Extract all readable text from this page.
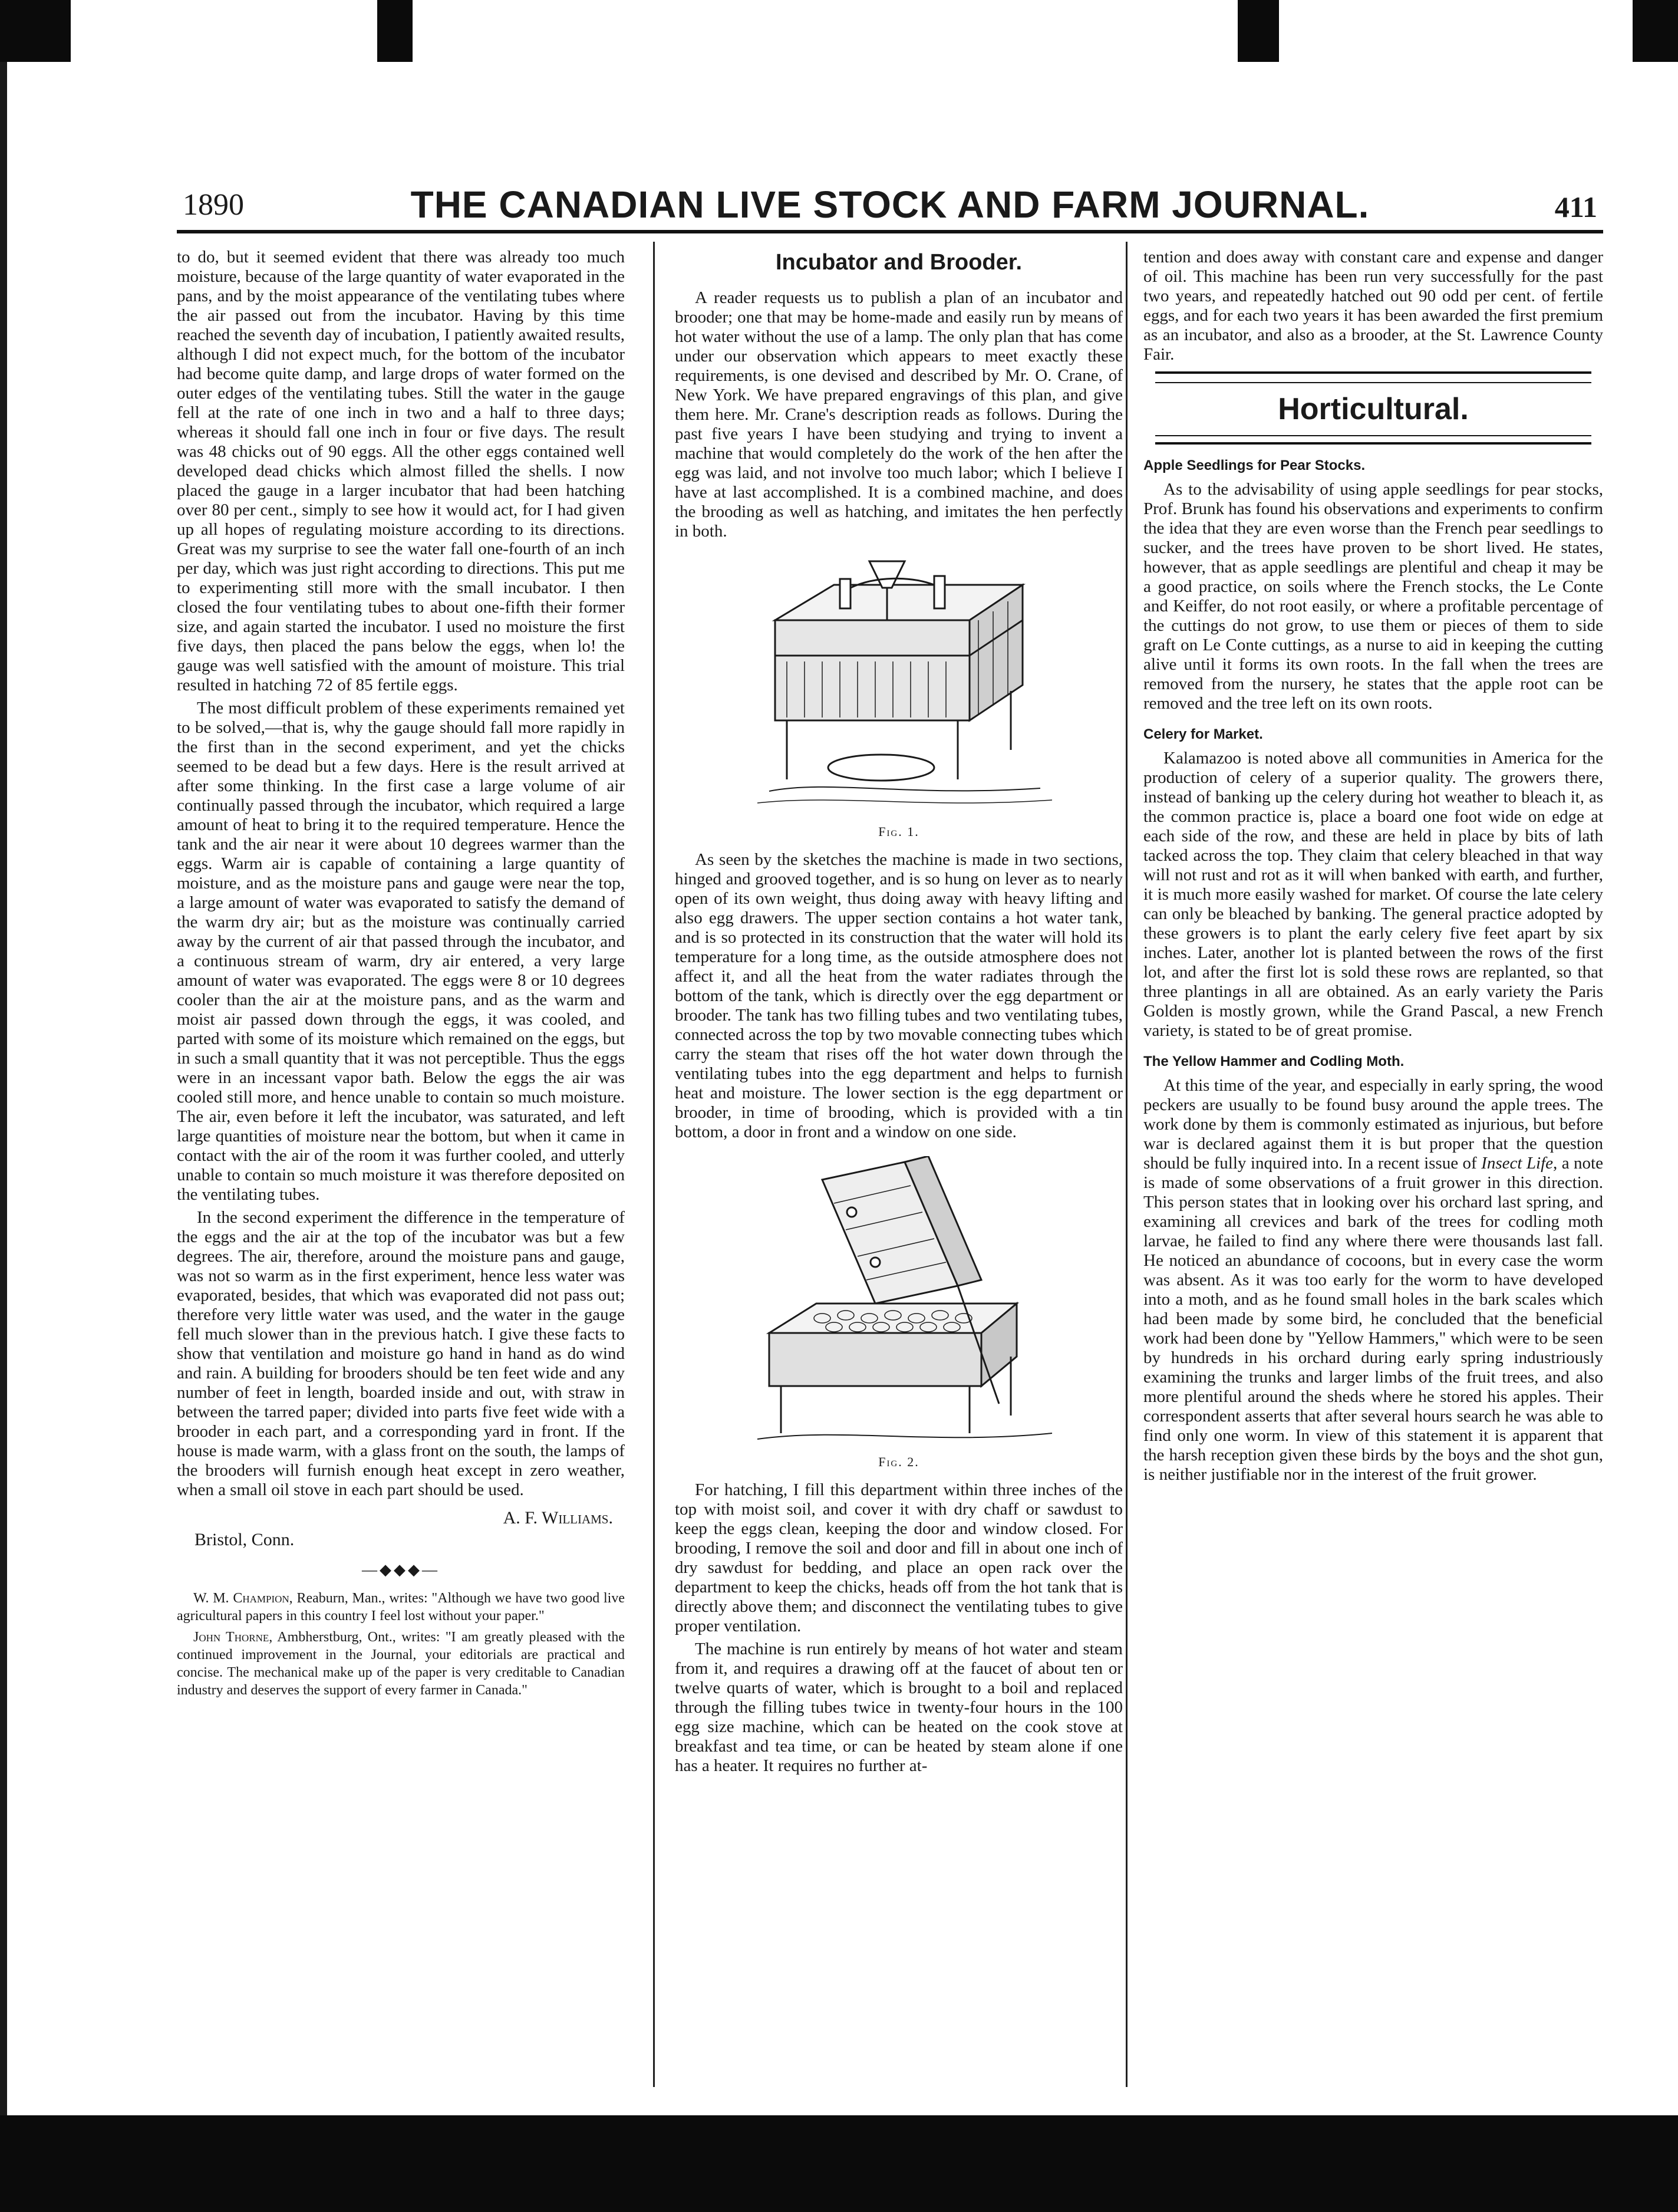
1890	THE CANADIAN LIVE STOCK AND FARM JOURNAL.	411

to do, but it seemed evident that there was already too much moisture, because of the large quantity of water evaporated in the pans, and by the moist appearance of the ventilating tubes where the air passed out from the incubator. Having by this time reached the seventh day of incubation, I patiently awaited results, although I did not expect much, for the bottom of the incubator had become quite damp, and large drops of water formed on the outer edges of the ventilating tubes. Still the water in the gauge fell at the rate of one inch in two and a half to three days; whereas it should fall one inch in four or five days. The result was 48 chicks out of 90 eggs. All the other eggs contained well developed dead chicks which almost filled the shells. I now placed the gauge in a larger incubator that had been hatching over 80 per cent., simply to see how it would act, for I had given up all hopes of regulating moisture according to its directions. Great was my surprise to see the water fall one-fourth of an inch per day, which was just right according to directions. This put me to experimenting still more with the small incubator. I then closed the four ventilating tubes to about one-fifth their former size, and again started the incubator. I used no moisture the first five days, then placed the pans below the eggs, when lo! the gauge was well satisfied with the amount of moisture. This trial resulted in hatching 72 of 85 fertile eggs.

The most difficult problem of these experiments remained yet to be solved,—that is, why the gauge should fall more rapidly in the first than in the second experiment, and yet the chicks seemed to be dead but a few days. Here is the result arrived at after some thinking. In the first case a large volume of air continually passed through the incubator, which required a large amount of heat to bring it to the required temperature. Hence the tank and the air near it were about 10 degrees warmer than the eggs. Warm air is capable of containing a large quantity of moisture, and as the moisture pans and gauge were near the top, a large amount of water was evaporated to satisfy the demand of the warm dry air; but as the moisture was continually carried away by the current of air that passed through the incubator, and a continuous stream of warm, dry air entered, a very large amount of water was evaporated. The eggs were 8 or 10 degrees cooler than the air at the moisture pans, and as the warm and moist air passed down through the eggs, it was cooled, and parted with some of its moisture which remained on the eggs, but in such a small quantity that it was not perceptible. Thus the eggs were in an incessant vapor bath. Below the eggs the air was cooled still more, and hence unable to contain so much moisture. The air, even before it left the incubator, was saturated, and left large quantities of moisture near the bottom, but when it came in contact with the air of the room it was further cooled, and utterly unable to contain so much moisture it was therefore deposited on the ventilating tubes.

In the second experiment the difference in the temperature of the eggs and the air at the top of the incubator was but a few degrees. The air, therefore, around the moisture pans and gauge, was not so warm as in the first experiment, hence less water was evaporated, besides, that which was evaporated did not pass out; therefore very little water was used, and the water in the gauge fell much slower than in the previous hatch. I give these facts to show that ventilation and moisture go hand in hand as do wind and rain. A building for brooders should be ten feet wide and any number of feet in length, boarded inside and out, with straw in between the tarred paper; divided into parts five feet wide with a brooder in each part, and a corresponding yard in front. If the house is made warm, with a glass front on the south, the lamps of the brooders will furnish enough heat except in zero weather, when a small oil stove in each part should be used.

A. F. Williams.

Bristol, Conn.

—◆◆◆—

W. M. Champion, Reaburn, Man., writes: "Although we have two good live agricultural papers in this country I feel lost without your paper."

John Thorne, Ambherstburg, Ont., writes: "I am greatly pleased with the continued improvement in the Journal, your editorials are practical and concise. The mechanical make up of the paper is very creditable to Canadian industry and deserves the support of every farmer in Canada."

Incubator and Brooder.

A reader requests us to publish a plan of an incubator and brooder; one that may be home-made and easily run by means of hot water without the use of a lamp. The only plan that has come under our observation which appears to meet exactly these requirements, is one devised and described by Mr. O. Crane, of New York. We have prepared engravings of this plan, and give them here. Mr. Crane's description reads as follows. During the past five years I have been studying and trying to invent a machine that would completely do the work of the hen after the egg was laid, and not involve too much labor; which I believe I have at last accomplished. It is a combined machine, and does the brooding as well as hatching, and imitates the hen perfectly in both.

Fig. 1.

As seen by the sketches the machine is made in two sections, hinged and grooved together, and is so hung on lever as to nearly open of its own weight, thus doing away with heavy lifting and also egg drawers. The upper section contains a hot water tank, and is so protected in its construction that the water will hold its temperature for a long time, as the outside atmosphere does not affect it, and all the heat from the water radiates through the bottom of the tank, which is directly over the egg department or brooder. The tank has two filling tubes and two ventilating tubes, connected across the top by two movable connecting tubes which carry the steam that rises off the hot water down through the ventilating tubes into the egg department and helps to furnish heat and moisture. The lower section is the egg department or brooder, in time of brooding, which is provided with a tin bottom, a door in front and a window on one side.

Fig. 2.

For hatching, I fill this department within three inches of the top with moist soil, and cover it with dry chaff or sawdust to keep the eggs clean, keeping the door and window closed. For brooding, I remove the soil and door and fill in about one inch of dry sawdust for bedding, and place an open rack over the department to keep the chicks, heads off from the hot tank that is directly above them; and disconnect the ventilating tubes to give proper ventilation.

The machine is run entirely by means of hot water and steam from it, and requires a drawing off at the faucet of about ten or twelve quarts of water, which is brought to a boil and replaced through the filling tubes twice in twenty-four hours in the 100 egg size machine, which can be heated on the cook stove at breakfast and tea time, or can be heated by steam alone if one has a heater. It requires no further at-

tention and does away with constant care and expense and danger of oil. This machine has been run very successfully for the past two years, and repeatedly hatched out 90 odd per cent. of fertile eggs, and for each two years it has been awarded the first premium as an incubator, and also as a brooder, at the St. Lawrence County Fair.

Horticultural.
Apple Seedlings for Pear Stocks.

As to the advisability of using apple seedlings for pear stocks, Prof. Brunk has found his observations and experiments to confirm the idea that they are even worse than the French pear seedlings to sucker, and the trees have proven to be short lived. He states, however, that as apple seedlings are plentiful and cheap it may be a good practice, on soils where the French stocks, the Le Conte and Keiffer, do not root easily, or where a profitable percentage of the cuttings do not grow, to use them or pieces of them to side graft on Le Conte cuttings, as a nurse to aid in keeping the cutting alive until it forms its own roots. In the fall when the trees are removed from the nursery, he states that the apple root can be removed and the tree left on its own roots.

Celery for Market.

Kalamazoo is noted above all communities in America for the production of celery of a superior quality. The growers there, instead of banking up the celery during hot weather to bleach it, as the common practice is, place a board one foot wide on edge at each side of the row, and these are held in place by bits of lath tacked across the top. They claim that celery bleached in that way will not rust and rot as it will when banked with earth, and further, it is much more easily washed for market. Of course the late celery can only be bleached by banking. The general practice adopted by these growers is to plant the early celery five feet apart by six inches. Later, another lot is planted between the rows of the first lot, and after the first lot is sold these rows are replanted, so that three plantings in all are obtained. As an early variety the Paris Golden is mostly grown, while the Grand Pascal, a new French variety, is stated to be of great promise.

The Yellow Hammer and Codling Moth.

At this time of the year, and especially in early spring, the wood peckers are usually to be found busy around the apple trees. The work done by them is commonly estimated as injurious, but before war is declared against them it is but proper that the question should be fully inquired into. In a recent issue of Insect Life, a note is made of some observations of a fruit grower in this direction. This person states that in looking over his orchard last spring, and examining all crevices and bark of the trees for codling moth larvae, he failed to find any where there were thousands last fall. He noticed an abundance of cocoons, but in every case the worm was absent. As it was too early for the worm to have developed into a moth, and as he found small holes in the bark scales which had been made by some bird, he concluded that the beneficial work had been done by "Yellow Hammers," which were to be seen by hundreds in his orchard during early spring industriously examining the trunks and larger limbs of the fruit trees, and also more plentiful around the sheds where he stored his apples. Their correspondent asserts that after several hours search he was able to find only one worm. In view of this statement it is apparent that the harsh reception given these birds by the boys and the shot gun, is neither justifiable nor in the interest of the fruit grower.
